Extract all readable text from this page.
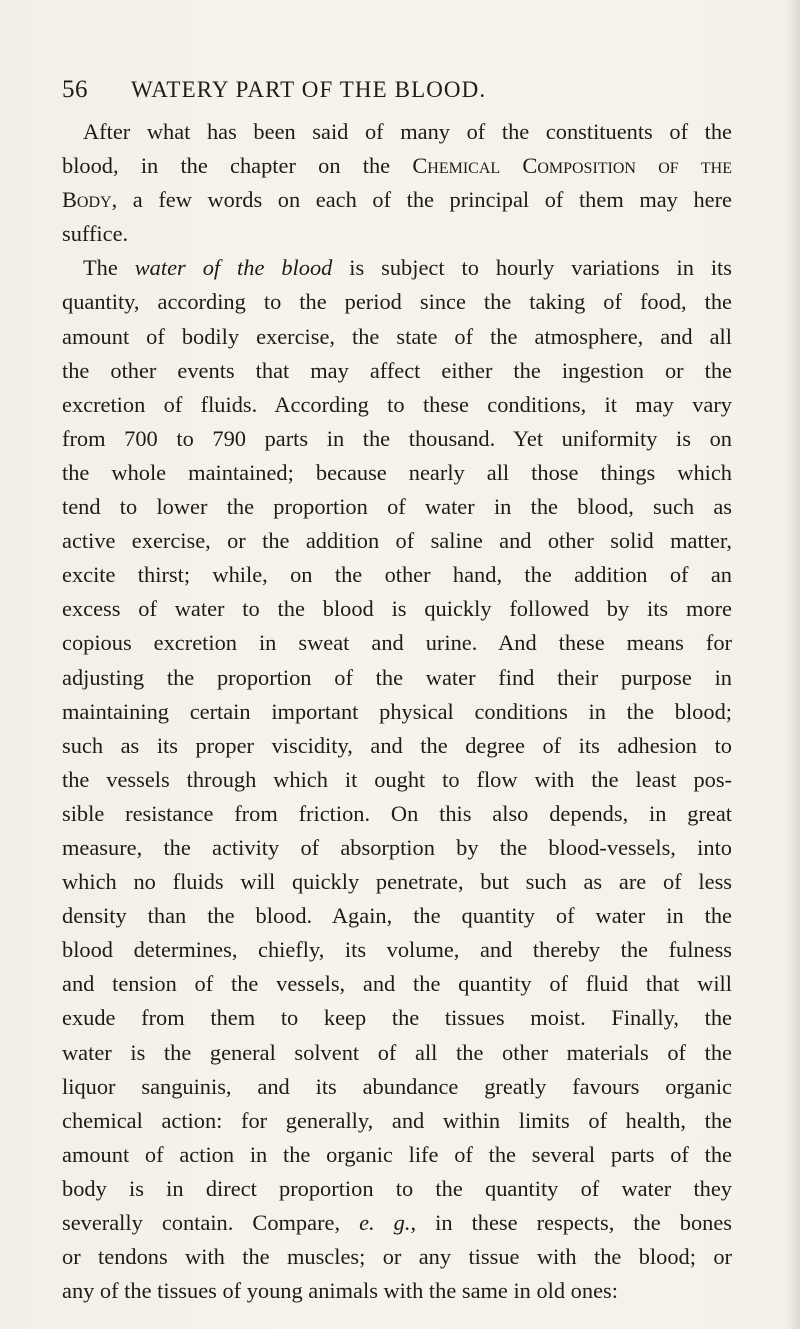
56 WATERY PART OF THE BLOOD.
After what has been said of many of the constituents of the
blood, in the chapter on the Chemical Composition of the
Body, a few words on each of the principal of them may here
suffice.
The water of the blood is subject to hourly variations in its
quantity, according to the period since the taking of food, the
amount of bodily exercise, the state of the atmosphere, and all
the other events that may affect either the ingestion or the
excretion of fluids. According to these conditions, it may vary
from 700 to 790 parts in the thousand. Yet uniformity is on
the whole maintained; because nearly all those things which
tend to lower the proportion of water in the blood, such as
active exercise, or the addition of saline and other solid matter,
excite thirst; while, on the other hand, the addition of an
excess of water to the blood is quickly followed by its more
copious excretion in sweat and urine. And these means for
adjusting the proportion of the water find their purpose in
maintaining certain important physical conditions in the blood;
such as its proper viscidity, and the degree of its adhesion to
the vessels through which it ought to flow with the least pos-
sible resistance from friction. On this also depends, in great
measure, the activity of absorption by the blood-vessels, into
which no fluids will quickly penetrate, but such as are of less
density than the blood. Again, the quantity of water in the
blood determines, chiefly, its volume, and thereby the fulness
and tension of the vessels, and the quantity of fluid that will
exude from them to keep the tissues moist. Finally, the
water is the general solvent of all the other materials of the
liquor sanguinis, and its abundance greatly favours organic
chemical action: for generally, and within limits of health, the
amount of action in the organic life of the several parts of the
body is in direct proportion to the quantity of water they
severally contain. Compare, e. g., in these respects, the bones
or tendons with the muscles; or any tissue with the blood; or
any of the tissues of young animals with the same in old ones:
